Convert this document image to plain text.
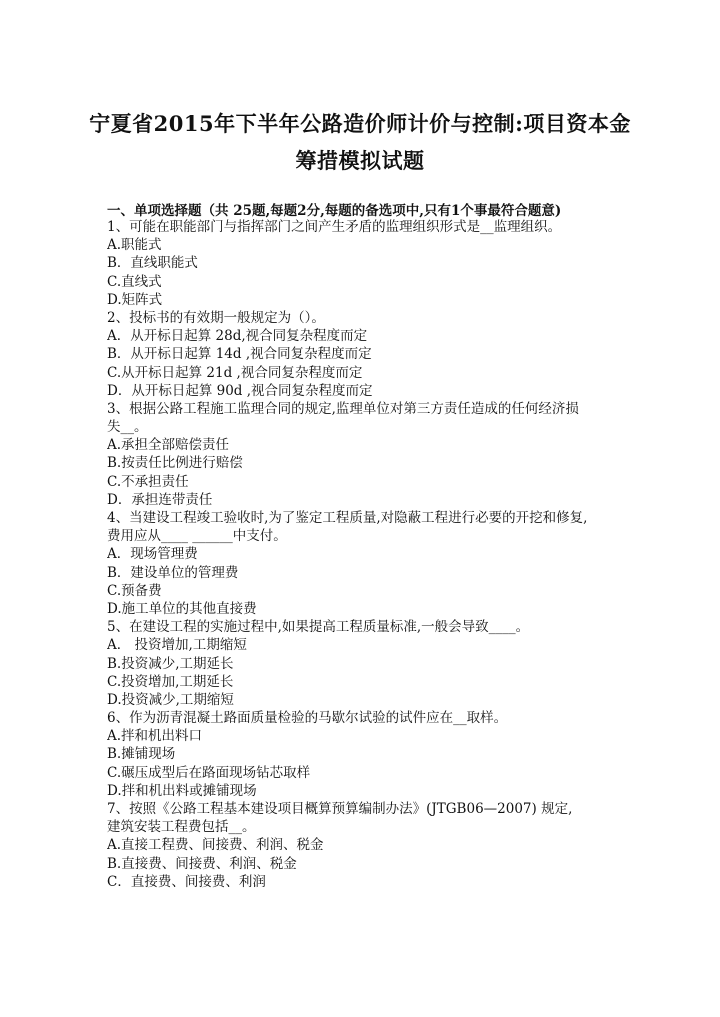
宁夏省2015年下半年公路造价师计价与控制:项目资本金
筹措模拟试题
一、单项选择题（共 25题,每题2分,每题的备选项中,只有1个事最符合题意)
1、可能在职能部门与指挥部门之间产生矛盾的监理组织形式是__监理组织。
A.职能式
B．直线职能式
C.直线式
D.矩阵式
2、投标书的有效期一般规定为（）。
A．从开标日起算 28d,视合同复杂程度而定
B．从开标日起算 14d ,视合同复杂程度而定
C.从开标日起算 21d ,视合同复杂程度而定
D．从开标日起算 90d ,视合同复杂程度而定
3、根据公路工程施工监理合同的规定,监理单位对第三方责任造成的任何经济损
失__。
A.承担全部赔偿责任
B.按责任比例进行赔偿
C.不承担责任
D．承担连带责任
4、当建设工程竣工验收时,为了鉴定工程质量,对隐蔽工程进行必要的开挖和修复,
费用应从____ ______中支付。
A．现场管理费
B．建设单位的管理费
C.预备费
D.施工单位的其他直接费
5、在建设工程的实施过程中,如果提高工程质量标准,一般会导致____。
A． 投资增加,工期缩短
B.投资减少,工期延长
C.投资增加,工期延长
D.投资减少,工期缩短
6、作为沥青混凝土路面质量检验的马歇尔试验的试件应在__取样。
A.拌和机出料口
B.摊铺现场
C.碾压成型后在路面现场钻芯取样
D.拌和机出料或摊铺现场
7、按照《公路工程基本建设项目概算预算编制办法》(JTGB06—2007) 规定,
建筑安装工程费包括__。
A.直接工程费、间接费、利润、税金
B.直接费、间接费、利润、税金
C．直接费、间接费、利润
